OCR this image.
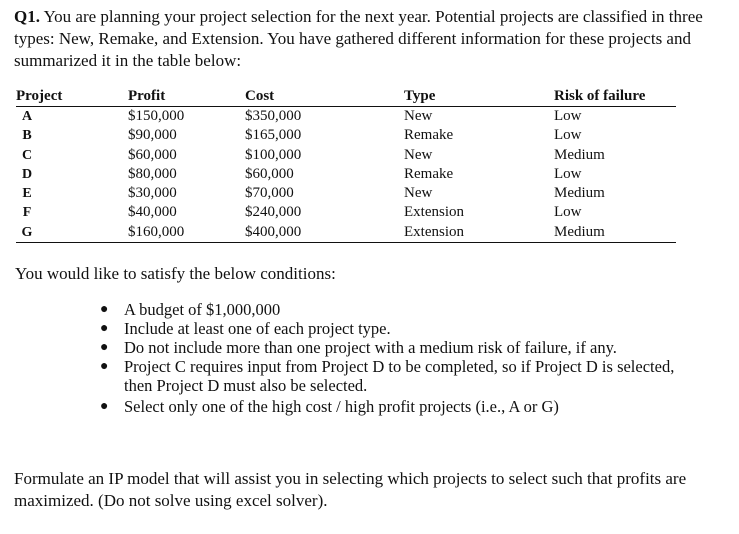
Q1. You are planning your project selection for the next year. Potential projects are classified in three types: New, Remake, and Extension. You have gathered different information for these projects and summarized it in the table below:

Project	Profit	Cost	Type	Risk of failure
A	$150,000	$350,000	New	Low
B	$90,000	$165,000	Remake	Low
C	$60,000	$100,000	New	Medium
D	$80,000	$60,000	Remake	Low
E	$30,000	$70,000	New	Medium
F	$40,000	$240,000	Extension	Low
G	$160,000	$400,000	Extension	Medium

You would like to satisfy the below conditions:

● A budget of $1,000,000
● Include at least one of each project type.
● Do not include more than one project with a medium risk of failure, if any.
● Project C requires input from Project D to be completed, so if Project D is selected, then Project D must also be selected.
● Select only one of the high cost / high profit projects (i.e., A or G)

Formulate an IP model that will assist you in selecting which projects to select such that profits are maximized. (Do not solve using excel solver).
